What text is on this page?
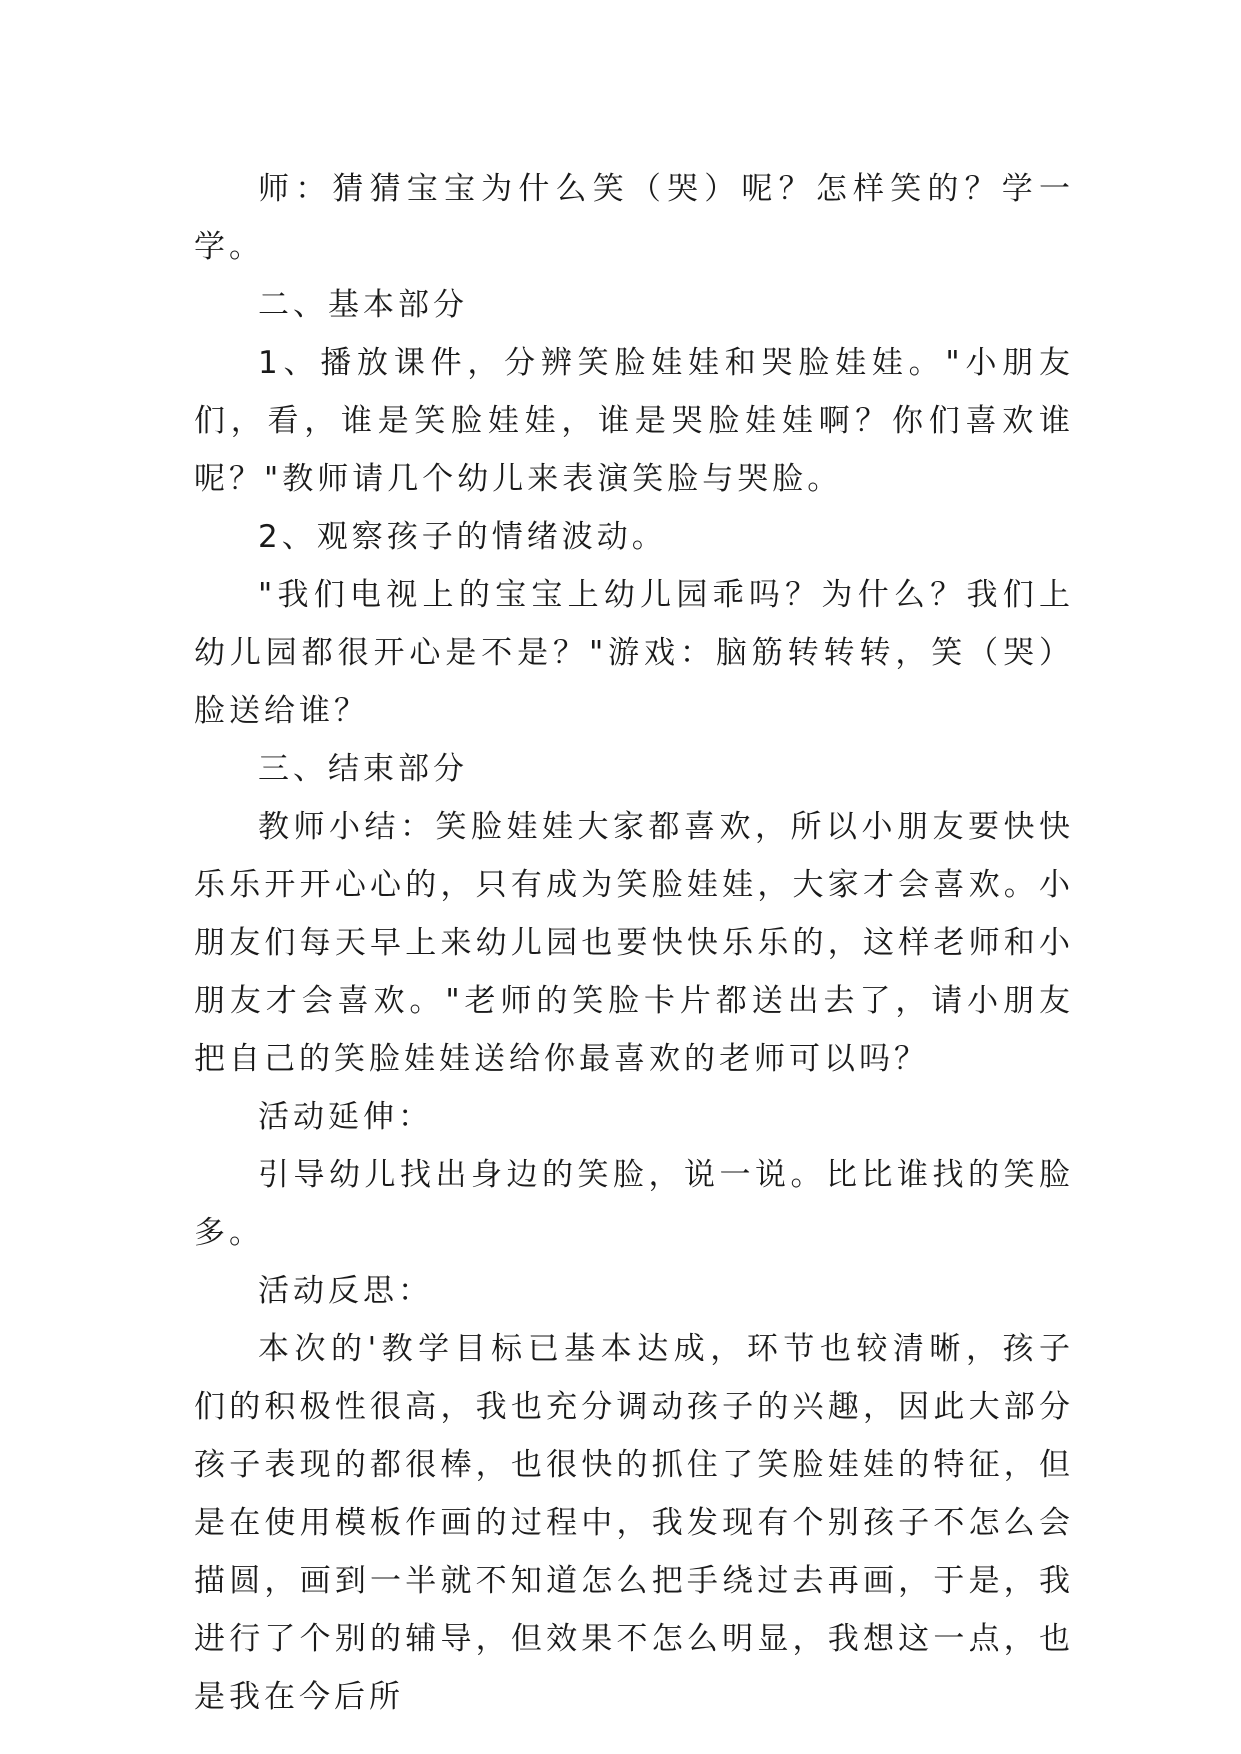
师：猜猜宝宝为什么笑（哭）呢？怎样笑的？学一学。

二、基本部分

1、播放课件，分辨笑脸娃娃和哭脸娃娃。"小朋友们，看，谁是笑脸娃娃，谁是哭脸娃娃啊？你们喜欢谁呢？"教师请几个幼儿来表演笑脸与哭脸。

2、观察孩子的情绪波动。

"我们电视上的宝宝上幼儿园乖吗？为什么？我们上幼儿园都很开心是不是？"游戏：脑筋转转转，笑（哭）脸送给谁？

三、结束部分

教师小结：笑脸娃娃大家都喜欢，所以小朋友要快快乐乐开开心心的，只有成为笑脸娃娃，大家才会喜欢。小朋友们每天早上来幼儿园也要快快乐乐的，这样老师和小朋友才会喜欢。"老师的笑脸卡片都送出去了，请小朋友把自己的笑脸娃娃送给你最喜欢的老师可以吗？

活动延伸：

引导幼儿找出身边的笑脸，说一说。比比谁找的笑脸多。

活动反思：

本次的'教学目标已基本达成，环节也较清晰，孩子们的积极性很高，我也充分调动孩子的兴趣，因此大部分孩子表现的都很棒，也很快的抓住了笑脸娃娃的特征，但是在使用模板作画的过程中，我发现有个别孩子不怎么会描圆，画到一半就不知道怎么把手绕过去再画，于是，我进行了个别的辅导，但效果不怎么明显，我想这一点，也是我在今后所
